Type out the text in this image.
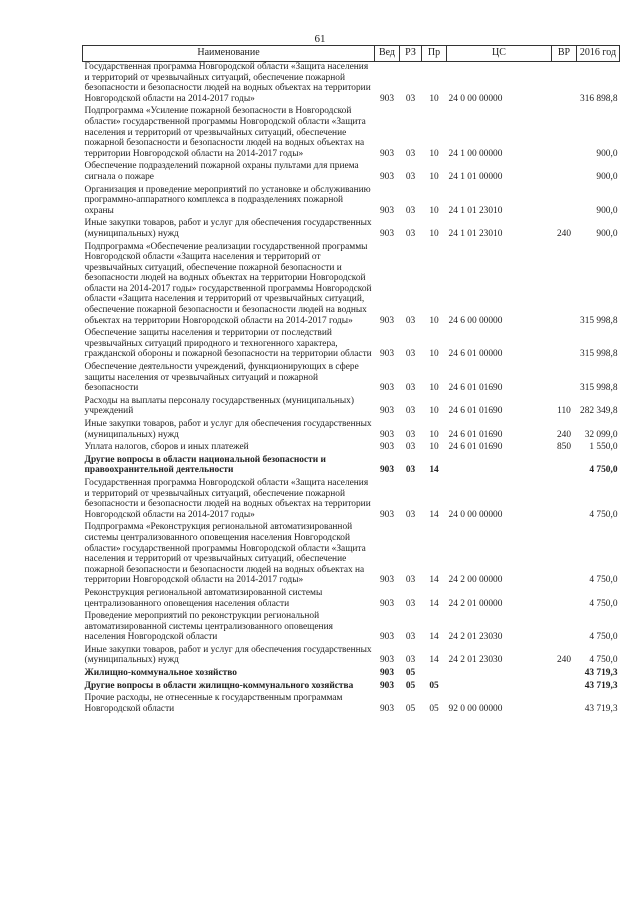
61
Наименование	Вед	РЗ	Пр	ЦС	ВР	2016 год
Государственная программа Новгородской области «Защита населения и территорий от чрезвычайных ситуаций, обеспечение пожарной безопасности и безопасности людей на водных объектах на территории Новгородской области на 2014-2017 годы»	903	03	10	24 0 00 00000		316 898,8
Подпрограмма «Усиление пожарной безопасности в Новгородской области» государственной программы Новгородской области «Защита населения и территорий от чрезвычайных ситуаций, обеспечение пожарной безопасности и безопасности людей на водных объектах на территории Новгородской области на 2014-2017 годы»	903	03	10	24 1 00 00000		900,0
Обеспечение подразделений пожарной охраны пультами для приема сигнала о пожаре	903	03	10	24 1 01 00000		900,0
Организация и проведение мероприятий по установке и обслуживанию программно-аппаратного комплекса в подразделениях пожарной охраны	903	03	10	24 1 01 23010		900,0
Иные закупки товаров, работ и услуг для обеспечения государственных (муниципальных) нужд	903	03	10	24 1 01 23010	240	900,0
Подпрограмма «Обеспечение реализации государственной программы Новгородской области «Защита населения и территорий от чрезвычайных ситуаций, обеспечение пожарной безопасности и безопасности людей на водных объектах на территории Новгородской области на 2014-2017 годы» государственной программы Новгородской области «Защита населения и территорий от чрезвычайных ситуаций, обеспечение пожарной безопасности и безопасности людей на водных объектах на территории Новгородской области на 2014-2017 годы»	903	03	10	24 6 00 00000		315 998,8
Обеспечение защиты населения и территории от последствий чрезвычайных ситуаций природного и техногенного характера, гражданской обороны и пожарной безопасности на территории области	903	03	10	24 6 01 00000		315 998,8
Обеспечение деятельности учреждений, функционирующих в сфере защиты населения от чрезвычайных ситуаций и пожарной безопасности	903	03	10	24 6 01 01690		315 998,8
Расходы на выплаты персоналу государственных (муниципальных) учреждений	903	03	10	24 6 01 01690	110	282 349,8
Иные закупки товаров, работ и услуг для обеспечения государственных (муниципальных) нужд	903	03	10	24 6 01 01690	240	32 099,0
Уплата налогов, сборов и иных платежей	903	03	10	24 6 01 01690	850	1 550,0
Другие вопросы в области национальной безопасности и правоохранительной деятельности	903	03	14			4 750,0
Государственная программа Новгородской области «Защита населения и территорий от чрезвычайных ситуаций, обеспечение пожарной безопасности и безопасности людей на водных объектах на территории Новгородской области на 2014-2017 годы»	903	03	14	24 0 00 00000		4 750,0
Подпрограмма «Реконструкция региональной автоматизированной системы централизованного оповещения населения Новгородской области» государственной программы Новгородской области «Защита населения и территорий от чрезвычайных ситуаций, обеспечение пожарной безопасности и безопасности людей на водных объектах на территории Новгородской области на 2014-2017 годы»	903	03	14	24 2 00 00000		4 750,0
Реконструкция региональной автоматизированной системы централизованного оповещения населения области	903	03	14	24 2 01 00000		4 750,0
Проведение мероприятий по реконструкции региональной автоматизированной системы централизованного оповещения населения Новгородской области	903	03	14	24 2 01 23030		4 750,0
Иные закупки товаров, работ и услуг для обеспечения государственных (муниципальных) нужд	903	03	14	24 2 01 23030	240	4 750,0
Жилищно-коммунальное хозяйство	903	05				43 719,3
Другие вопросы в области жилищно-коммунального хозяйства	903	05	05			43 719,3
Прочие расходы, не отнесенные к государственным программам Новгородской области	903	05	05	92 0 00 00000		43 719,3
